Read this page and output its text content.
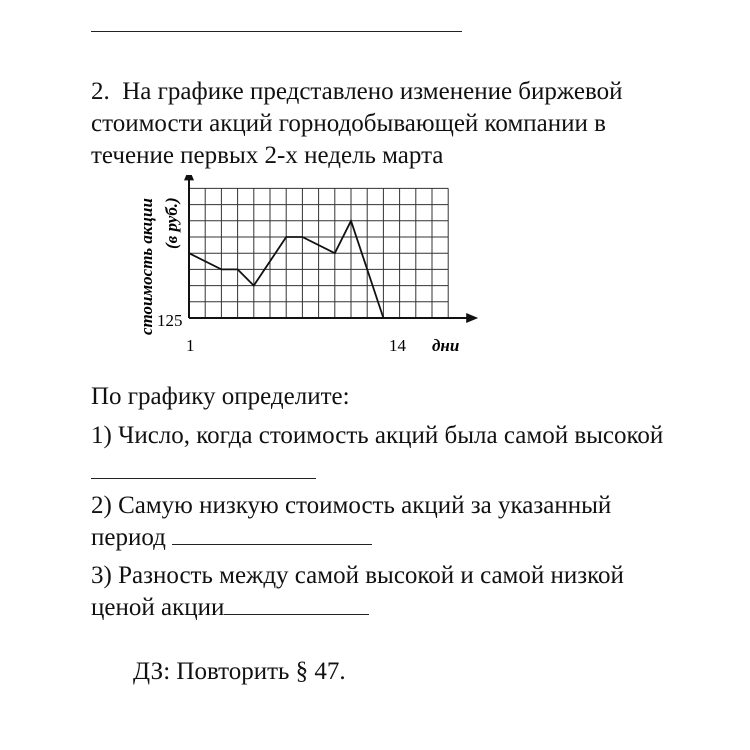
2. На графике представлено изменение биржевой
стоимости акций горнодобывающей компании в
течение первых 2-х недель марта
стоимость акции (в руб.)
125
1	14 дни
По графику определите:
1) Число, когда стоимость акций была самой высокой
2) Самую низкую стоимость акций за указанный
период
3) Разность между самой высокой и самой низкой
ценой акции
ДЗ: Повторить § 47.
